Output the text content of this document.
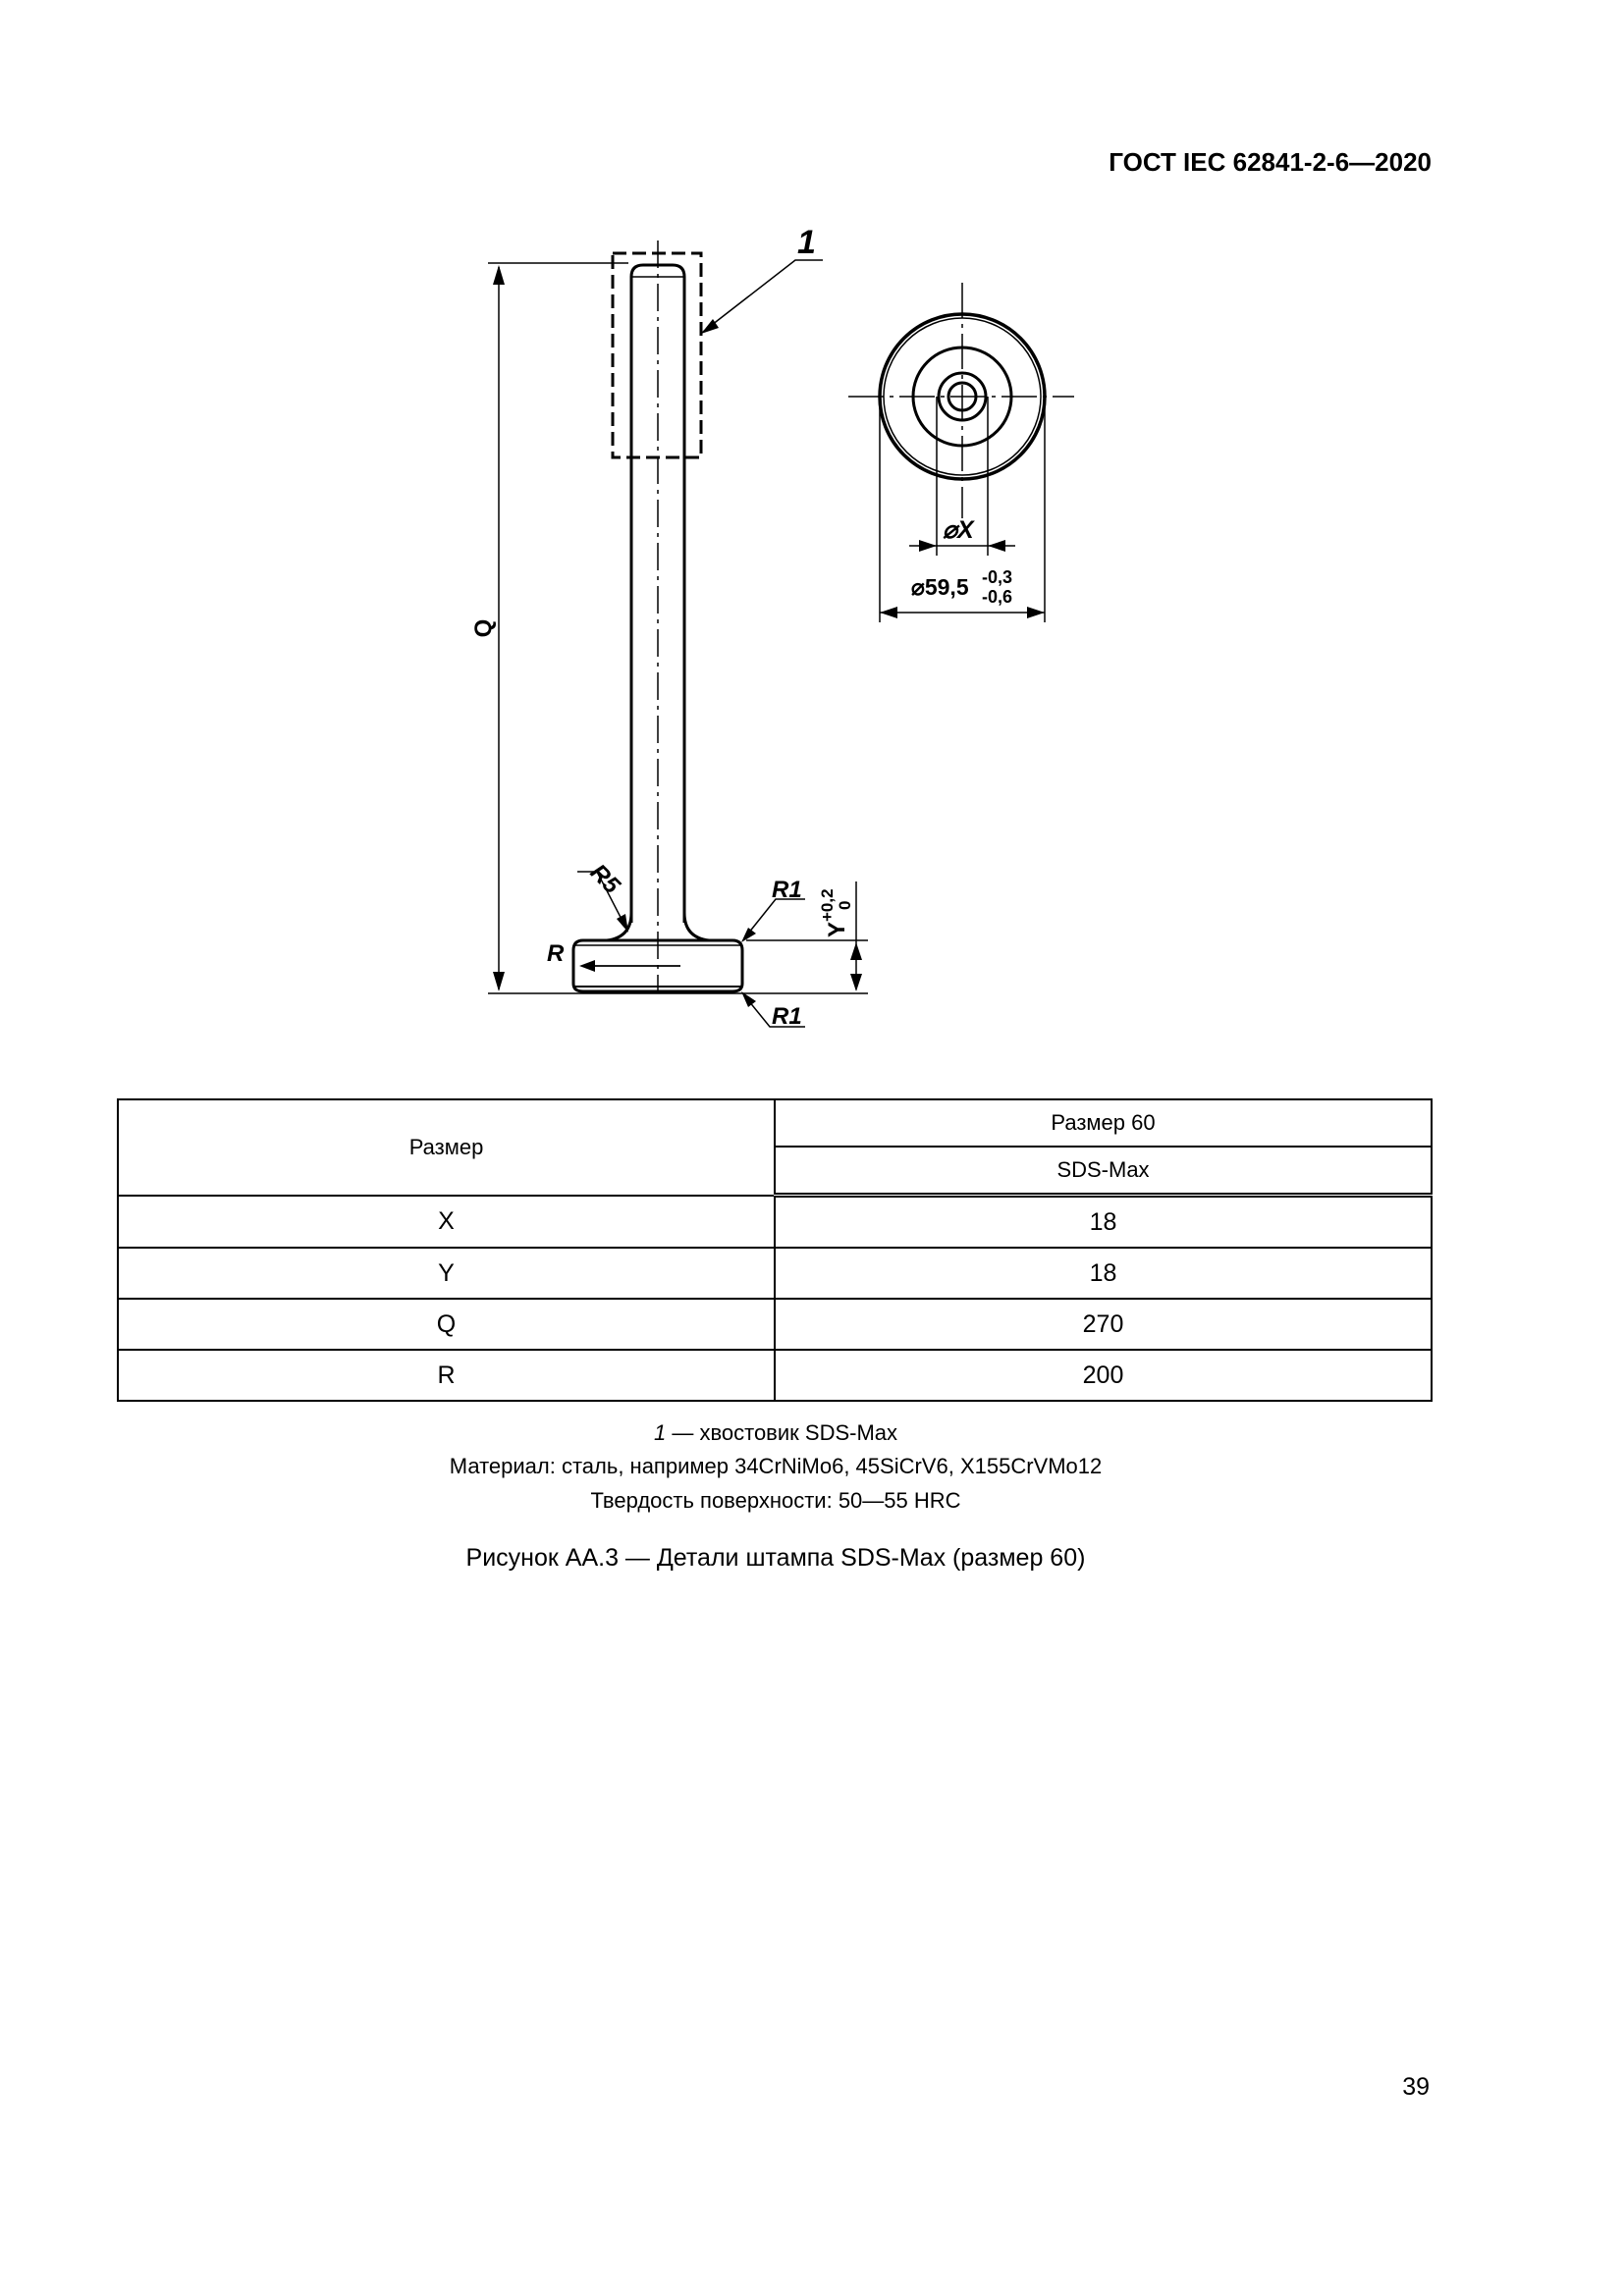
ГОСТ IEC 62841-2-6—2020
1
Q
R5	R1
R1
R
Y
+0,2 0
⌀X
⌀59,5 -0,3
-0,6
Размер	Размер 60
	SDS-Max
X	18
Y	18
Q	270
R	200
1 — хвостовик SDS-Max
Материал: сталь, например 34CrNiMo6, 45SiCrV6, X155CrVMo12
Твердость поверхности: 50—55 HRC
Рисунок АА.3 — Детали штампа SDS-Max (размер 60)
39
